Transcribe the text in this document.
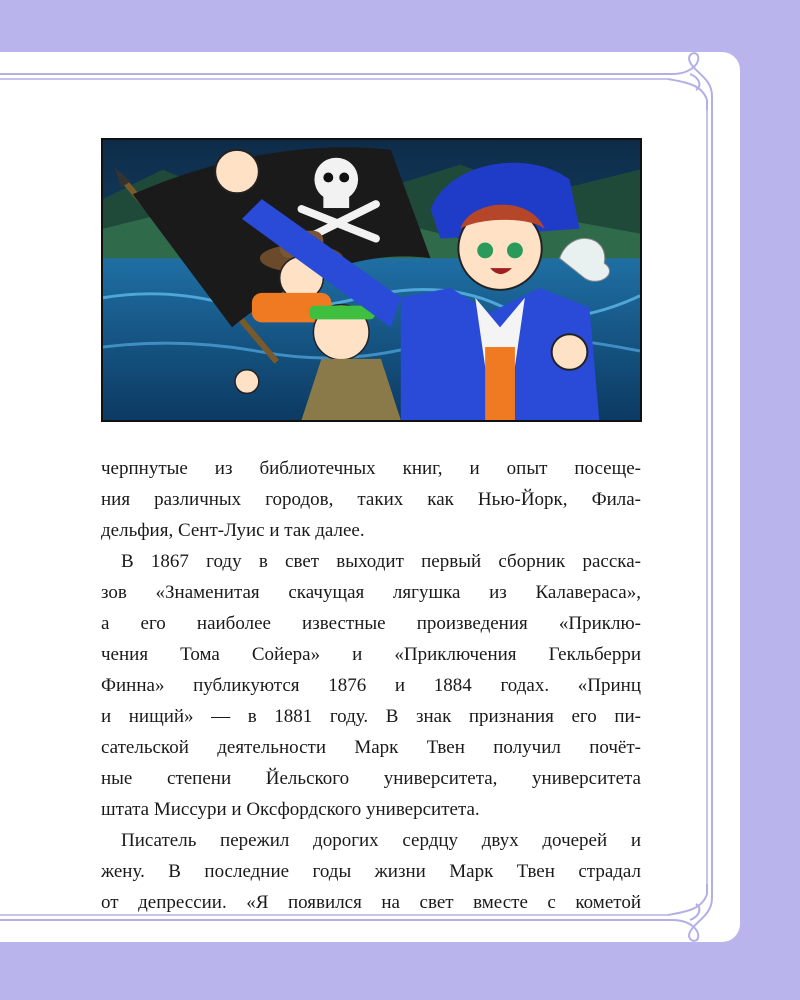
черпнутые из библиотечных книг, и опыт посеще-
ния различных городов, таких как Нью-Йорк, Фила-
дельфия, Сент-Луис и так далее.
В 1867 году в свет выходит первый сборник расска-
зов «Знаменитая скачущая лягушка из Калавераса»,
а его наиболее известные произведения «Приклю-
чения Тома Сойера» и «Приключения Гекльберри
Финна» публикуются 1876 и 1884 годах. «Принц
и нищий» — в 1881 году. В знак признания его пи-
сательской деятельности Марк Твен получил почёт-
ные степени Йельского университета, университета
штата Миссури и Оксфордского университета.
Писатель пережил дорогих сердцу двух дочерей и
жену. В последние годы жизни Марк Твен страдал
от депрессии. «Я появился на свет вместе с кометой
